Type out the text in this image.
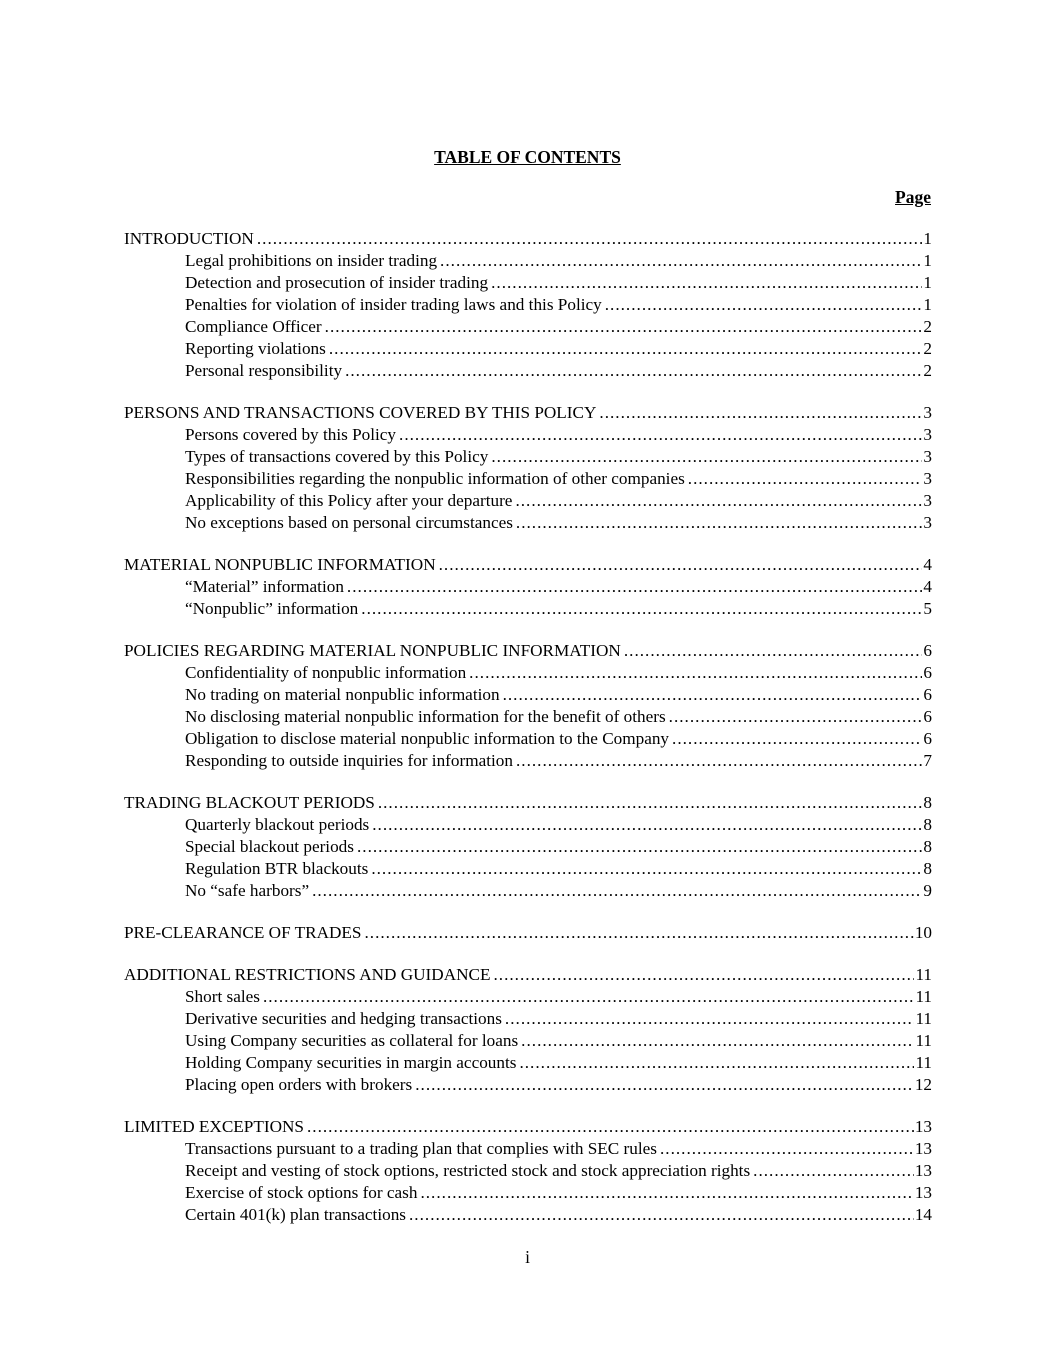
TABLE OF CONTENTS
Page
INTRODUCTION .....	1
Legal prohibitions on insider trading .....	1
Detection and prosecution of insider trading .....	1
Penalties for violation of insider trading laws and this Policy .....	1
Compliance Officer .....	2
Reporting violations .....	2
Personal responsibility .....	2
PERSONS AND TRANSACTIONS COVERED BY THIS POLICY .....	3
Persons covered by this Policy .....	3
Types of transactions covered by this Policy .....	3
Responsibilities regarding the nonpublic information of other companies .....	3
Applicability of this Policy after your departure .....	3
No exceptions based on personal circumstances .....	3
MATERIAL NONPUBLIC INFORMATION .....	4
“Material” information .....	4
“Nonpublic” information .....	5
POLICIES REGARDING MATERIAL NONPUBLIC INFORMATION .....	6
Confidentiality of nonpublic information .....	6
No trading on material nonpublic information .....	6
No disclosing material nonpublic information for the benefit of others .....	6
Obligation to disclose material nonpublic information to the Company .....	6
Responding to outside inquiries for information .....	7
TRADING BLACKOUT PERIODS .....	8
Quarterly blackout periods .....	8
Special blackout periods .....	8
Regulation BTR blackouts .....	8
No “safe harbors” .....	9
PRE-CLEARANCE OF TRADES .....	10
ADDITIONAL RESTRICTIONS AND GUIDANCE .....	11
Short sales .....	11
Derivative securities and hedging transactions .....	11
Using Company securities as collateral for loans .....	11
Holding Company securities in margin accounts .....	11
Placing open orders with brokers .....	12
LIMITED EXCEPTIONS .....	13
Transactions pursuant to a trading plan that complies with SEC rules .....	13
Receipt and vesting of stock options, restricted stock and stock appreciation rights .....	13
Exercise of stock options for cash .....	13
Certain 401(k) plan transactions .....	14
i
